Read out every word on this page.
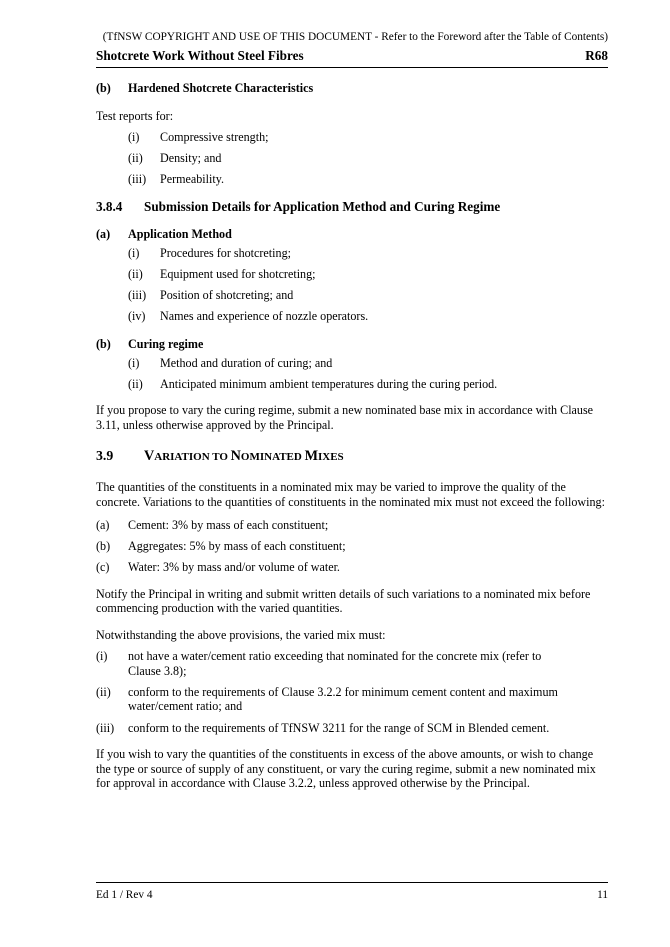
(TfNSW COPYRIGHT AND USE OF THIS DOCUMENT - Refer to the Foreword after the Table of Contents)
Shotcrete Work Without Steel Fibres	R68
(b) Hardened Shotcrete Characteristics

Test reports for:

(i) Compressive strength;
(ii) Density; and
(iii) Permeability.
3.8.4 Submission Details for Application Method and Curing Regime
(a) Application Method
(i) Procedures for shotcreting;
(ii) Equipment used for shotcreting;
(iii) Position of shotcreting; and
(iv) Names and experience of nozzle operators.
(b) Curing regime
(i) Method and duration of curing; and
(ii) Anticipated minimum ambient temperatures during the curing period.

If you propose to vary the curing regime, submit a new nominated base mix in accordance with Clause 3.11, unless otherwise approved by the Principal.

3.9 VARIATION TO NOMINATED MIXES

The quantities of the constituents in a nominated mix may be varied to improve the quality of the concrete. Variations to the quantities of constituents in the nominated mix must not exceed the following:

(a) Cement: 3% by mass of each constituent;
(b) Aggregates: 5% by mass of each constituent;
(c) Water: 3% by mass and/or volume of water.

Notify the Principal in writing and submit written details of such variations to a nominated mix before commencing production with the varied quantities.

Notwithstanding the above provisions, the varied mix must:

(i) not have a water/cement ratio exceeding that nominated for the concrete mix (refer to Clause 3.8);
(ii) conform to the requirements of Clause 3.2.2 for minimum cement content and maximum water/cement ratio; and
(iii) conform to the requirements of TfNSW 3211 for the range of SCM in Blended cement.

If you wish to vary the quantities of the constituents in excess of the above amounts, or wish to change the type or source of supply of any constituent, or vary the curing regime, submit a new nominated mix for approval in accordance with Clause 3.2.2, unless approved otherwise by the Principal.

Ed 1 / Rev 4	11
